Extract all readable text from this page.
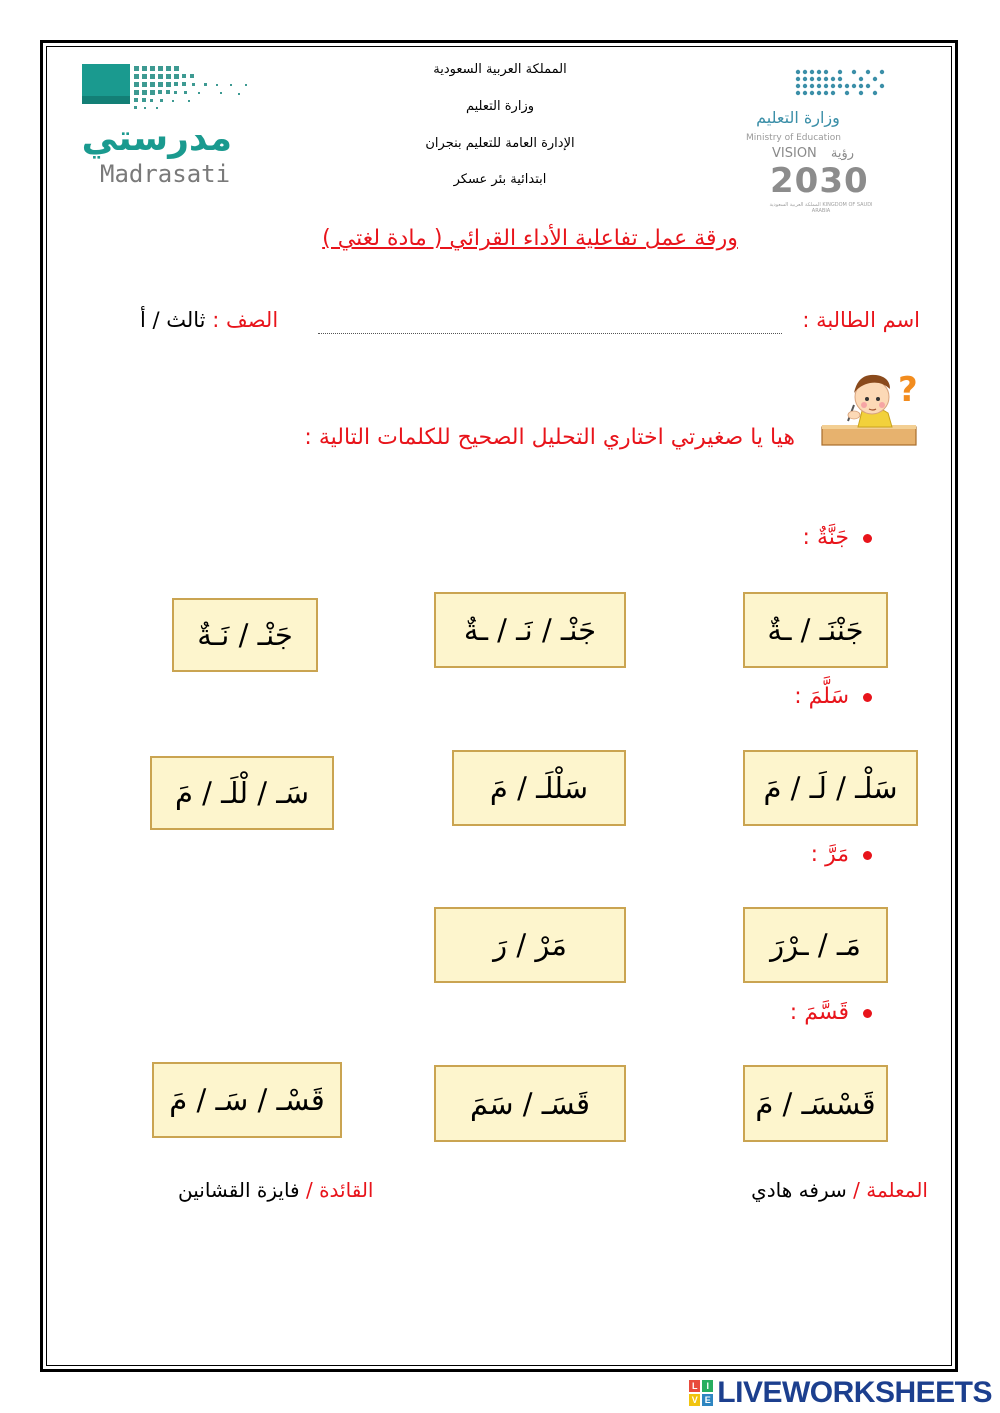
مدرستي
Madrasati
المملكة العربية السعودية
وزارة التعليم
الإدارة العامة للتعليم بنجران
ابتدائية بئر عسكر
وزارة التعليم
Ministry of Education
VISION رؤية
2030
المملكة العربية السعودية KINGDOM OF SAUDI ARABIA
ورقة عمل تفاعلية الأداء القرائي ( مادة لغتي )
اسم الطالبة :
الصف : ثالث / أ
?
هيا يا صغيرتي اختاري التحليل الصحيح للكلمات التالية :
جَنَّةٌ :
جَنْنَـ / ـةٌ
جَنْـ / نَـ / ـةٌ
جَنْـ / نَـةٌ
سَلَّمَ :
سَلْـ / لَـ / مَ
سَلْلَـ / مَ
سَـ / لْلَـ / مَ
مَرَّ :
مَـ / ـرْرَ
مَرْ / رَ
قَسَّمَ :
قَسْسَـ / مَ
قَسَـ / سَمَ
قَسْـ / سَـ / مَ
المعلمة / سرفه هادي
القائدة / فايزة القشانين
L I
V E LIVEWORKSHEETS
